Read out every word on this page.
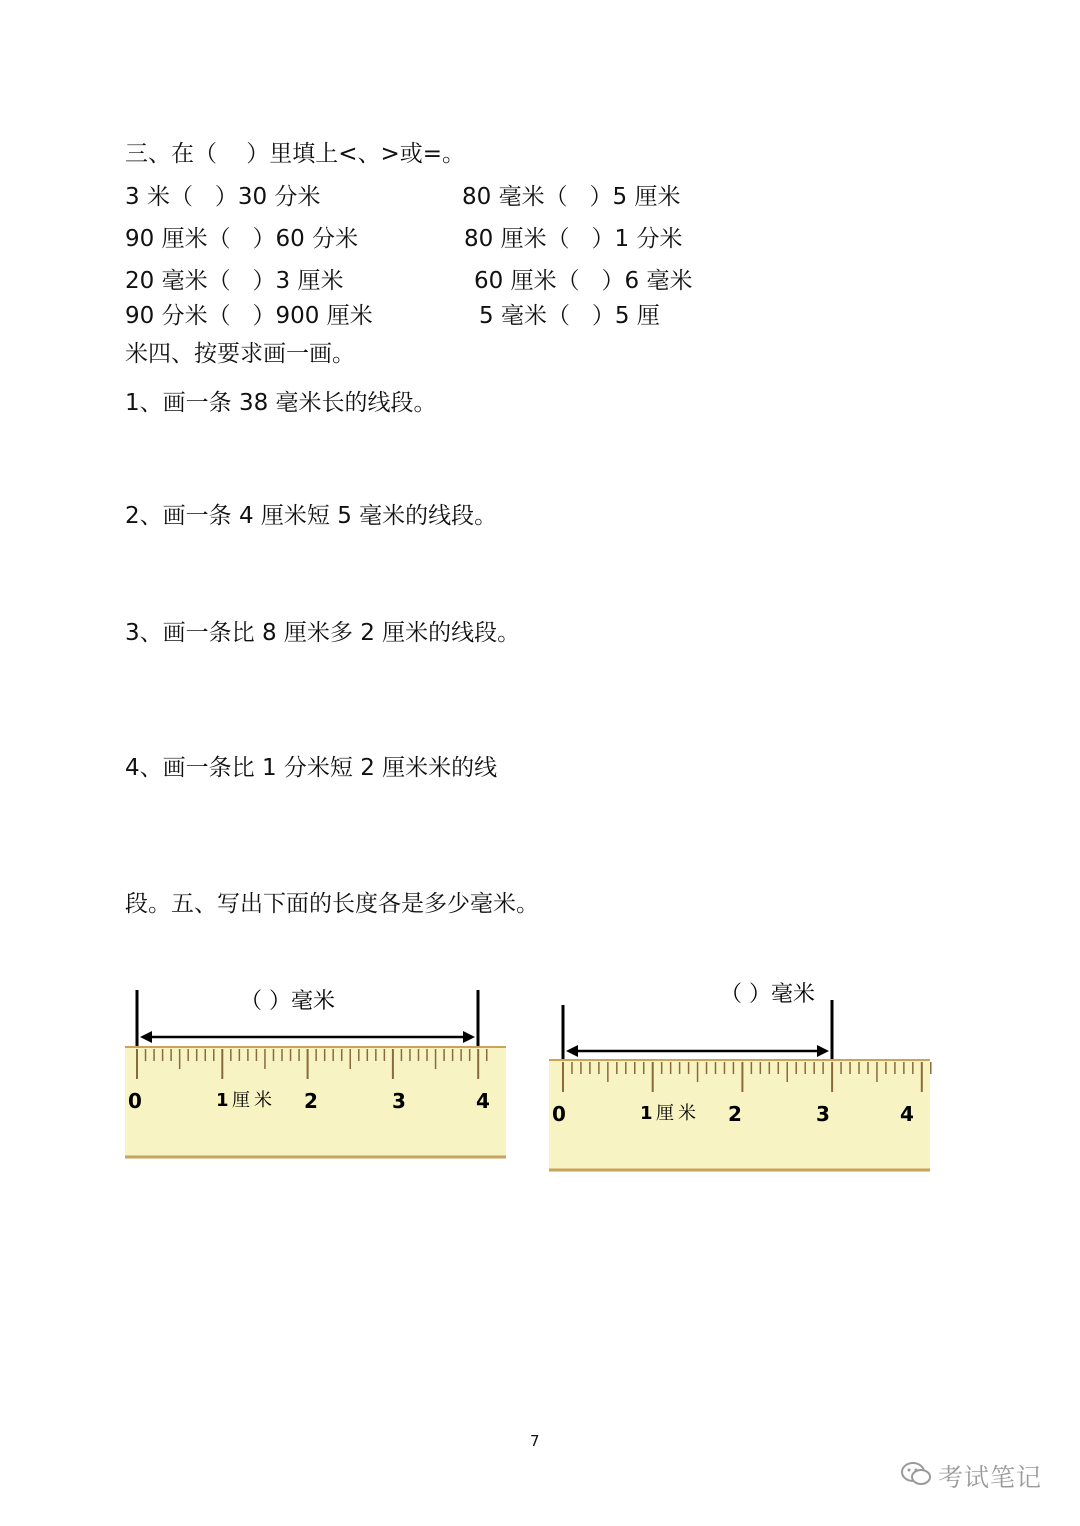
三、在（    ）里填上<、>或=。
3 米（   ）30 分米	80 毫米（   ）5 厘米
90 厘米（   ）60 分米	80 厘米（   ）1 分米
20 毫米（   ）3 厘米	60 厘米（   ）6 毫米
90 分米（   ）900 厘米	5 毫米（   ）5 厘
米四、按要求画一画。
1、画一条 38 毫米长的线段。
2、画一条 4 厘米短 5 毫米的线段。
3、画一条比 8 厘米多 2 厘米的线段。
4、画一条比 1 分米短 2 厘米米的线
段。五、写出下面的长度各是多少毫米。
（ ）毫米
0	1 厘米 2	3	4
（ ）毫米
0	1 厘米 2	3	4
7
考试笔记
